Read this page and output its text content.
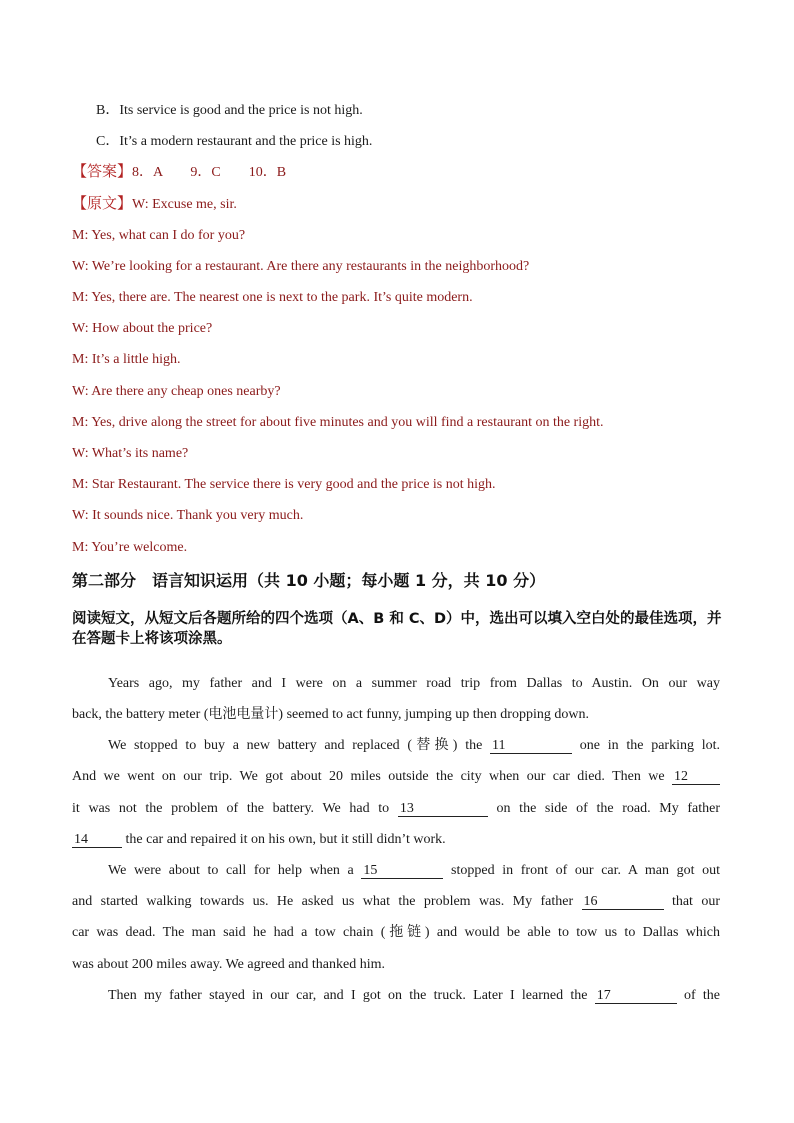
B．Its service is good and the price is not high.
C．It’s a modern restaurant and the price is high.
【答案】8．A　　9．C　　10．B
【原文】W: Excuse me, sir.
M: Yes, what can I do for you?
W: We’re looking for a restaurant. Are there any restaurants in the neighborhood?
M: Yes, there are. The nearest one is next to the park. It’s quite modern.
W: How about the price?
M: It’s a little high.
W: Are there any cheap ones nearby?
M: Yes, drive along the street for about five minutes and you will find a restaurant on the right.
W: What’s its name?
M: Star Restaurant. The service there is very good and the price is not high.
W: It sounds nice. Thank you very much.
M: You’re welcome.
第二部分　语言知识运用（共 10 小题；每小题 1 分，共 10 分）
阅读短文，从短文后各题所给的四个选项（A、B 和 C、D）中，选出可以填入空白处的最佳选项，并在答题卡上将该项涂黑。
Years ago, my father and I were on a summer road trip from Dallas to Austin. On our way
back, the battery meter (电池电量计) seemed to act funny, jumping up then dropping down.
We stopped to buy a new battery and replaced (替换) the 11	one in the parking lot.
And we went on our trip. We got about 20 miles outside the city when our car died. Then we 12
it was not the problem of the battery. We had to 13	on the side of the road. My father
14	the car and repaired it on his own, but it still didn’t work.
We were about to call for help when a 15	stopped in front of our car. A man got out
and started walking towards us. He asked us what the problem was. My father 16	that our
car was dead. The man said he had a tow chain (拖链) and would be able to tow us to Dallas which
was about 200 miles away. We agreed and thanked him.
Then my father stayed in our car, and I got on the truck. Later I learned the 17	of the
